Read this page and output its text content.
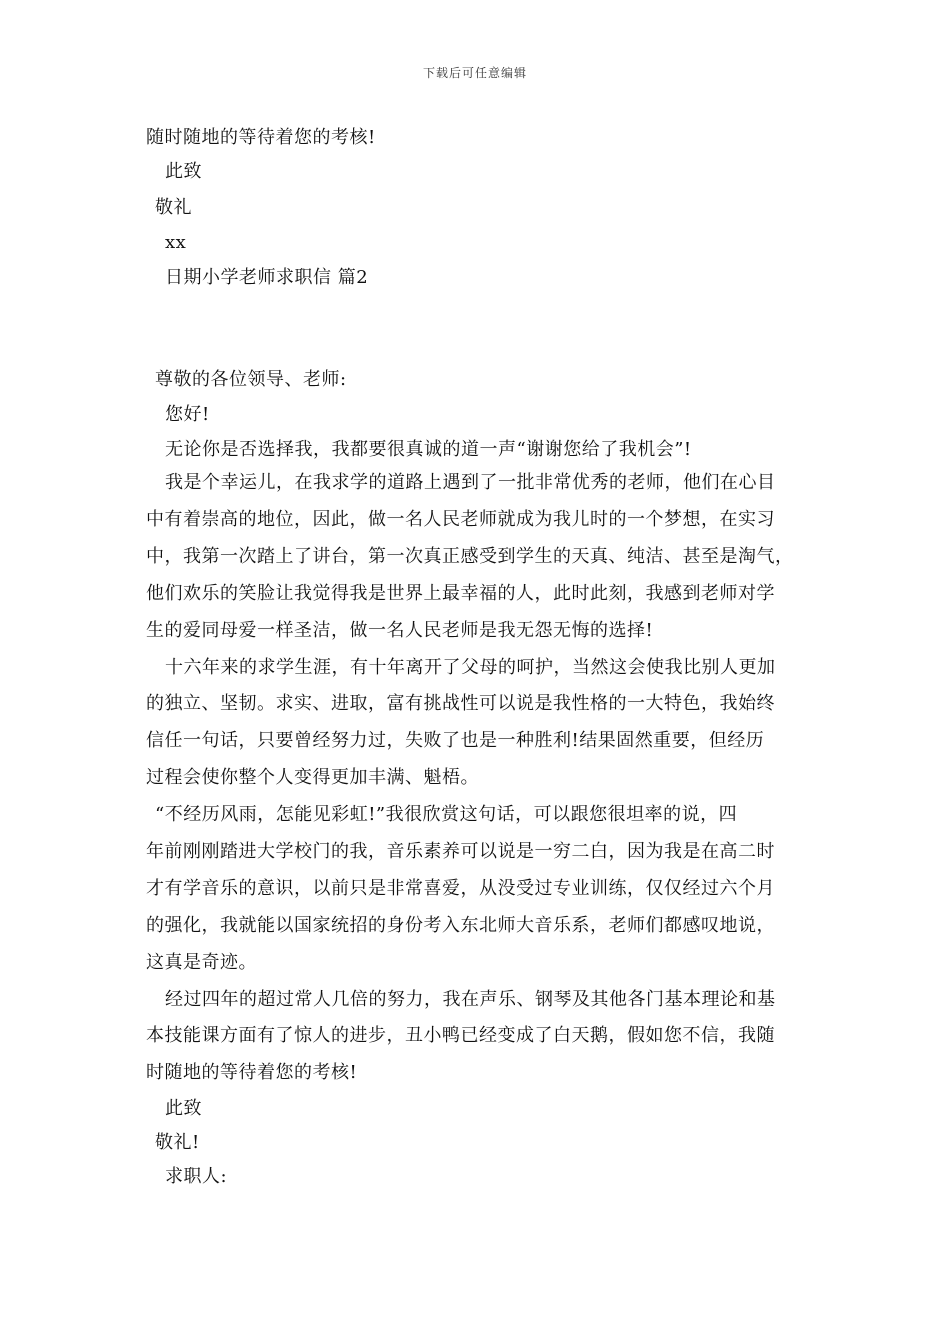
下载后可任意编辑
随时随地的等待着您的考核!
此致
敬礼
xx
日期小学老师求职信 篇2
尊敬的各位领导、老师:
您好!
无论你是否选择我，我都要很真诚的道一声“谢谢您给了我机会”!
我是个幸运儿，在我求学的道路上遇到了一批非常优秀的老师，他们在心目
中有着崇高的地位，因此，做一名人民老师就成为我儿时的一个梦想，在实习
中，我第一次踏上了讲台，第一次真正感受到学生的天真、纯洁、甚至是淘气，
他们欢乐的笑脸让我觉得我是世界上最幸福的人，此时此刻，我感到老师对学
生的爱同母爱一样圣洁，做一名人民老师是我无怨无悔的选择!
十六年来的求学生涯，有十年离开了父母的呵护，当然这会使我比别人更加
的独立、坚韧。求实、进取，富有挑战性可以说是我性格的一大特色，我始终
信任一句话，只要曾经努力过，失败了也是一种胜利!结果固然重要，但经历
过程会使你整个人变得更加丰满、魁梧。
“不经历风雨，怎能见彩虹!”我很欣赏这句话，可以跟您很坦率的说，四
年前刚刚踏进大学校门的我，音乐素养可以说是一穷二白，因为我是在高二时
才有学音乐的意识，以前只是非常喜爱，从没受过专业训练，仅仅经过六个月
的强化，我就能以国家统招的身份考入东北师大音乐系，老师们都感叹地说，
这真是奇迹。
经过四年的超过常人几倍的努力，我在声乐、钢琴及其他各门基本理论和基
本技能课方面有了惊人的进步，丑小鸭已经变成了白天鹅，假如您不信，我随
时随地的等待着您的考核!
此致
敬礼!
求职人:
